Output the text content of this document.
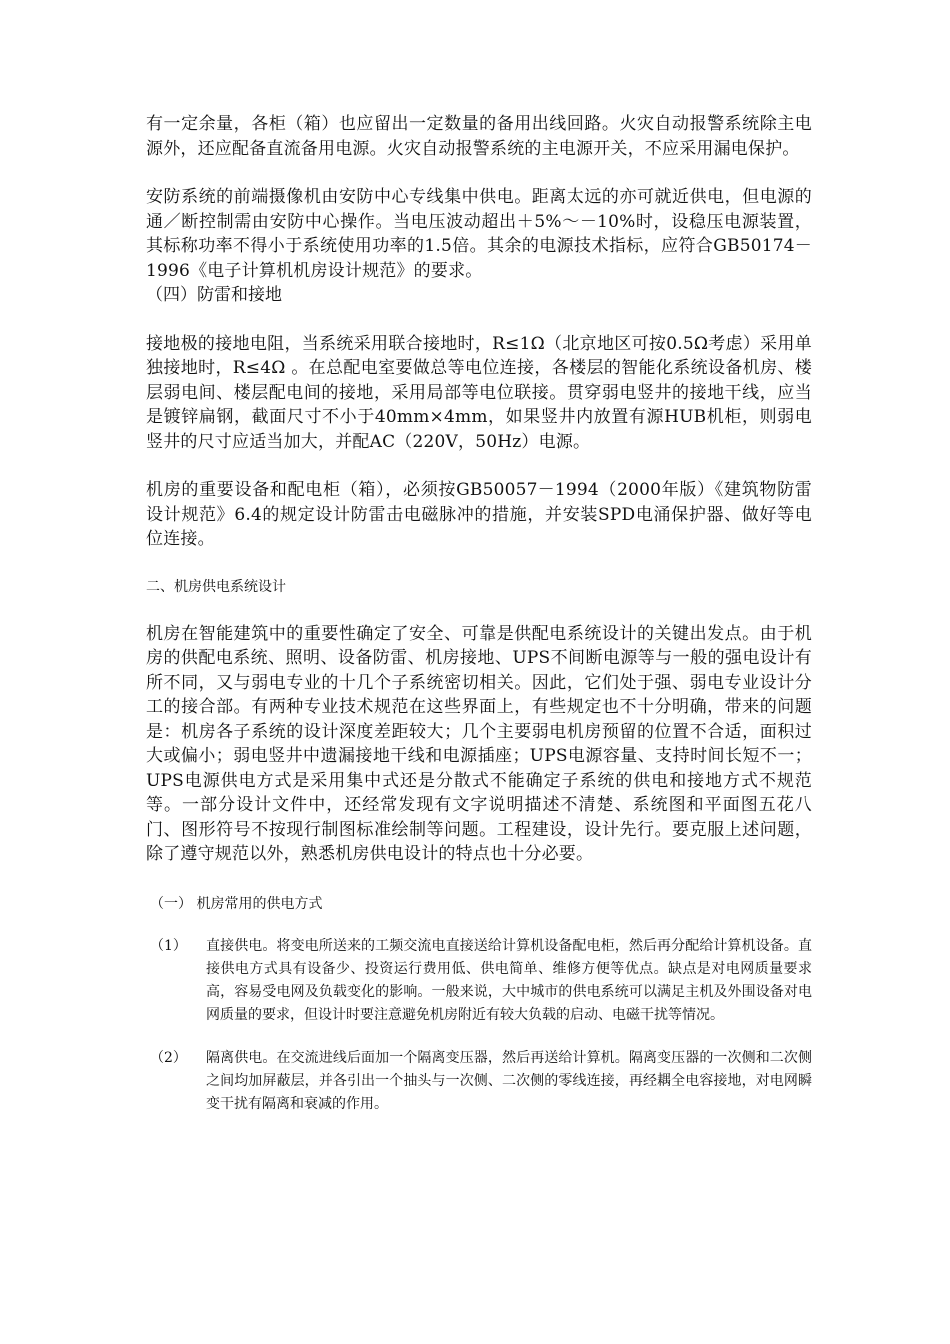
有一定余量，各柜（箱）也应留出一定数量的备用出线回路。火灾自动报警系统除主电源外，还应配备直流备用电源。火灾自动报警系统的主电源开关，不应采用漏电保护。

安防系统的前端摄像机由安防中心专线集中供电。距离太远的亦可就近供电，但电源的通／断控制需由安防中心操作。当电压波动超出＋5%～－10%时，设稳压电源装置，其标称功率不得小于系统使用功率的1.5倍。其余的电源技术指标，应符合GB50174－1996《电子计算机机房设计规范》的要求。

（四）防雷和接地

接地极的接地电阻，当系统采用联合接地时，R≤1Ω（北京地区可按0.5Ω考虑）采用单独接地时，R≤4Ω 。在总配电室要做总等电位连接，各楼层的智能化系统设备机房、楼层弱电间、楼层配电间的接地，采用局部等电位联接。贯穿弱电竖井的接地干线，应当是镀锌扁钢，截面尺寸不小于40mm×4mm，如果竖井内放置有源HUB机柜，则弱电竖井的尺寸应适当加大，并配AC（220V，50Hz）电源。

机房的重要设备和配电柜（箱），必须按GB50057－1994（2000年版）《建筑物防雷设计规范》6.4的规定设计防雷击电磁脉冲的措施，并安装SPD电涌保护器、做好等电位连接。

二、机房供电系统设计

机房在智能建筑中的重要性确定了安全、可靠是供配电系统设计的关键出发点。由于机房的供配电系统、照明、设备防雷、机房接地、UPS不间断电源等与一般的强电设计有所不同，又与弱电专业的十几个子系统密切相关。因此，它们处于强、弱电专业设计分工的接合部。有两种专业技术规范在这些界面上，有些规定也不十分明确，带来的问题是：机房各子系统的设计深度差距较大；几个主要弱电机房预留的位置不合适，面积过大或偏小；弱电竖井中遗漏接地干线和电源插座；UPS电源容量、支持时间长短不一；UPS电源供电方式是采用集中式还是分散式不能确定子系统的供电和接地方式不规范等。一部分设计文件中，还经常发现有文字说明描述不清楚、系统图和平面图五花八门、图形符号不按现行制图标准绘制等问题。工程建设，设计先行。要克服上述问题，除了遵守规范以外，熟悉机房供电设计的特点也十分必要。

（一） 机房常用的供电方式

（1）	直接供电。将变电所送来的工频交流电直接送给计算机设备配电柜，然后再分配给计算机设备。直接供电方式具有设备少、投资运行费用低、供电简单、维修方便等优点。缺点是对电网质量要求高，容易受电网及负载变化的影响。一般来说，大中城市的供电系统可以满足主机及外围设备对电网质量的要求，但设计时要注意避免机房附近有较大负载的启动、电磁干扰等情况。

（2）	隔离供电。在交流进线后面加一个隔离变压器，然后再送给计算机。隔离变压器的一次侧和二次侧之间均加屏蔽层，并各引出一个抽头与一次侧、二次侧的零线连接，再经耦全电容接地，对电网瞬变干扰有隔离和衰减的作用。
